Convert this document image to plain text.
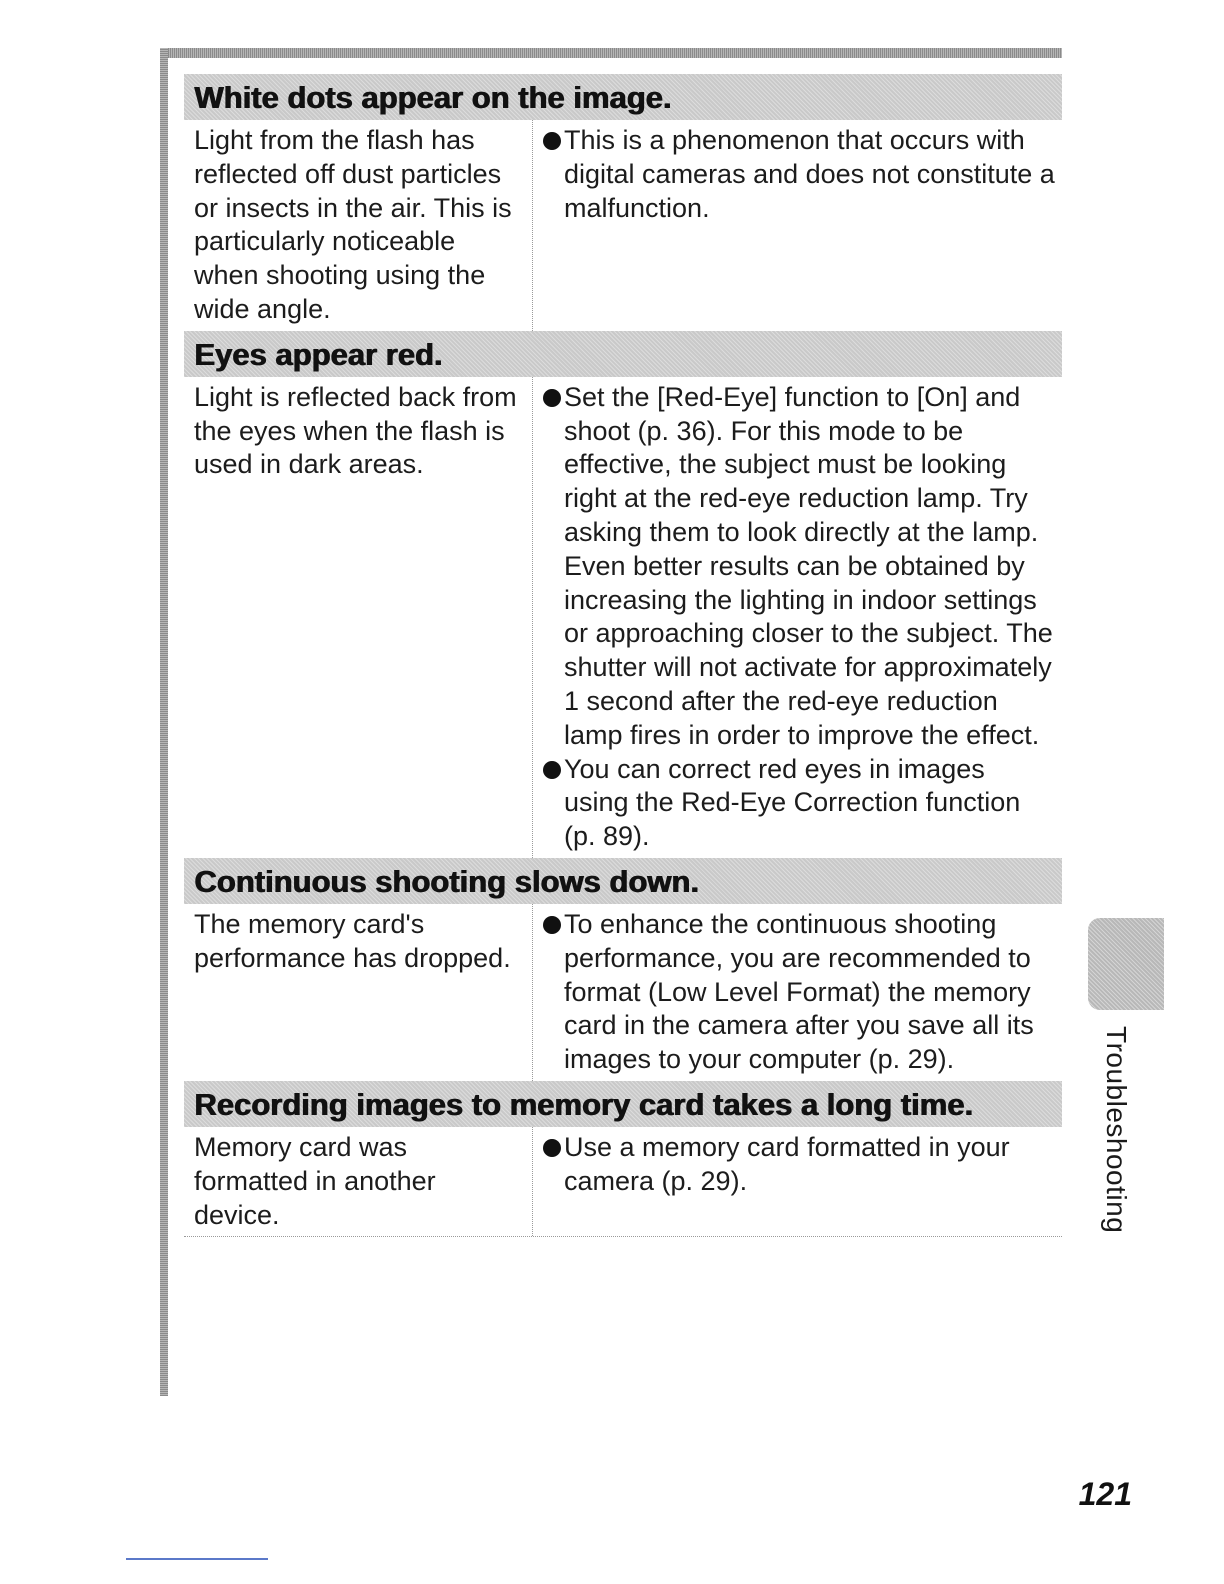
White dots appear on the image.
Light from the flash has reflected off dust particles or insects in the air. This is particularly noticeable when shooting using the wide angle.
This is a phenomenon that occurs with digital cameras and does not constitute a malfunction.
Eyes appear red.
Light is reflected back from the eyes when the flash is used in dark areas.
Set the [Red-Eye] function to [On] and shoot (p. 36). For this mode to be effective, the subject must be looking right at the red-eye reduction lamp. Try asking them to look directly at the lamp.
Even better results can be obtained by increasing the lighting in indoor settings or approaching closer to the subject. The shutter will not activate for approximately 1 second after the red-eye reduction lamp fires in order to improve the effect.
You can correct red eyes in images using the Red-Eye Correction function (p. 89).
Continuous shooting slows down.
The memory card's performance has dropped.
To enhance the continuous shooting performance, you are recommended to format (Low Level Format) the memory card in the camera after you save all its images to your computer (p. 29).
Recording images to memory card takes a long time.
Memory card was formatted in another device.
Use a memory card formatted in your camera (p. 29).	Troubleshooting
121
